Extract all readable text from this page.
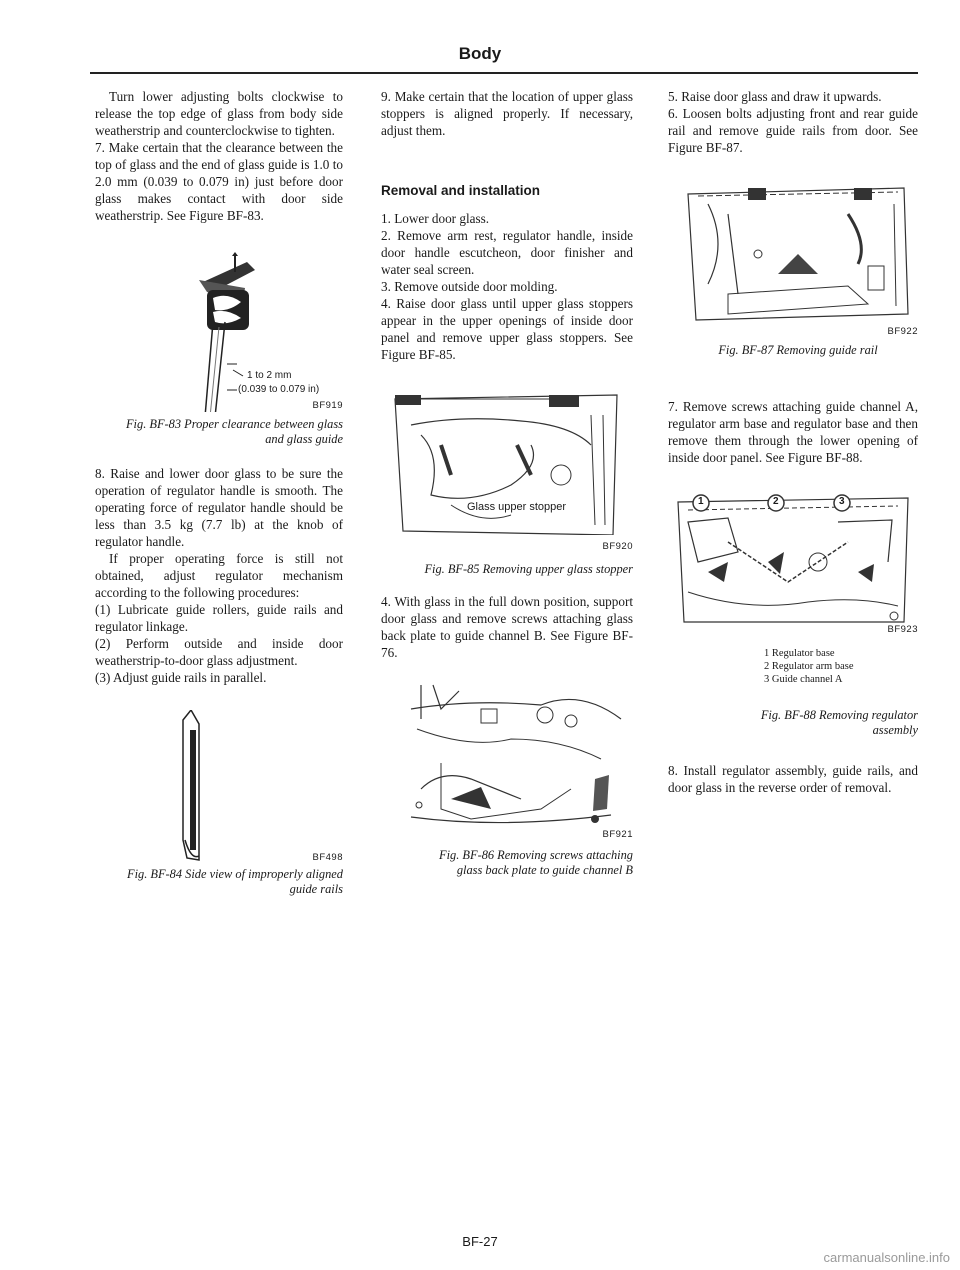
Body

Turn lower adjusting bolts clockwise to release the top edge of glass from body side weatherstrip and counterclockwise to tighten.

7. Make certain that the clearance between the top of glass and the end of glass guide is 1.0 to 2.0 mm (0.039 to 0.079 in) just before door glass makes contact with door side weatherstrip. See Figure BF-83.

1 to 2 mm
(0.039 to 0.079 in)
BF919
Fig. BF-83 Proper clearance between glass and glass guide

8. Raise and lower door glass to be sure the operation of regulator handle is smooth. The operating force of regulator handle should be less than 3.5 kg (7.7 lb) at the knob of regulator handle.

If proper operating force is still not obtained, adjust regulator mechanism according to the following procedures:

(1) Lubricate guide rollers, guide rails and regulator linkage.

(2) Perform outside and inside door weatherstrip-to-door glass adjustment.

(3) Adjust guide rails in parallel.

BF498
Fig. BF-84 Side view of improperly aligned guide rails

9. Make certain that the location of upper glass stoppers is aligned properly. If necessary, adjust them.

Removal and installation

1. Lower door glass.

2. Remove arm rest, regulator handle, inside door handle escutcheon, door finisher and water seal screen.

3. Remove outside door molding.

4. Raise door glass until upper glass stoppers appear in the upper openings of inside door panel and remove upper glass stoppers. See Figure BF-85.

Glass upper stopper
BF920
Fig. BF-85 Removing upper glass stopper

4. With glass in the full down position, support door glass and remove screws attaching glass back plate to guide channel B. See Figure BF-76.

BF921
Fig. BF-86 Removing screws attaching glass back plate to guide channel B

5. Raise door glass and draw it upwards.

6. Loosen bolts adjusting front and rear guide rail and remove guide rails from door. See Figure BF-87.

BF922
Fig. BF-87 Removing guide rail

7. Remove screws attaching guide channel A, regulator arm base and regulator base and then remove them through the lower opening of inside door panel. See Figure BF-88.

1	2	3
BF923
1 Regulator base
2 Regulator arm base
3 Guide channel A
Fig. BF-88 Removing regulator assembly

8. Install regulator assembly, guide rails, and door glass in the reverse order of removal.

BF-27
carmanualsonline.info
